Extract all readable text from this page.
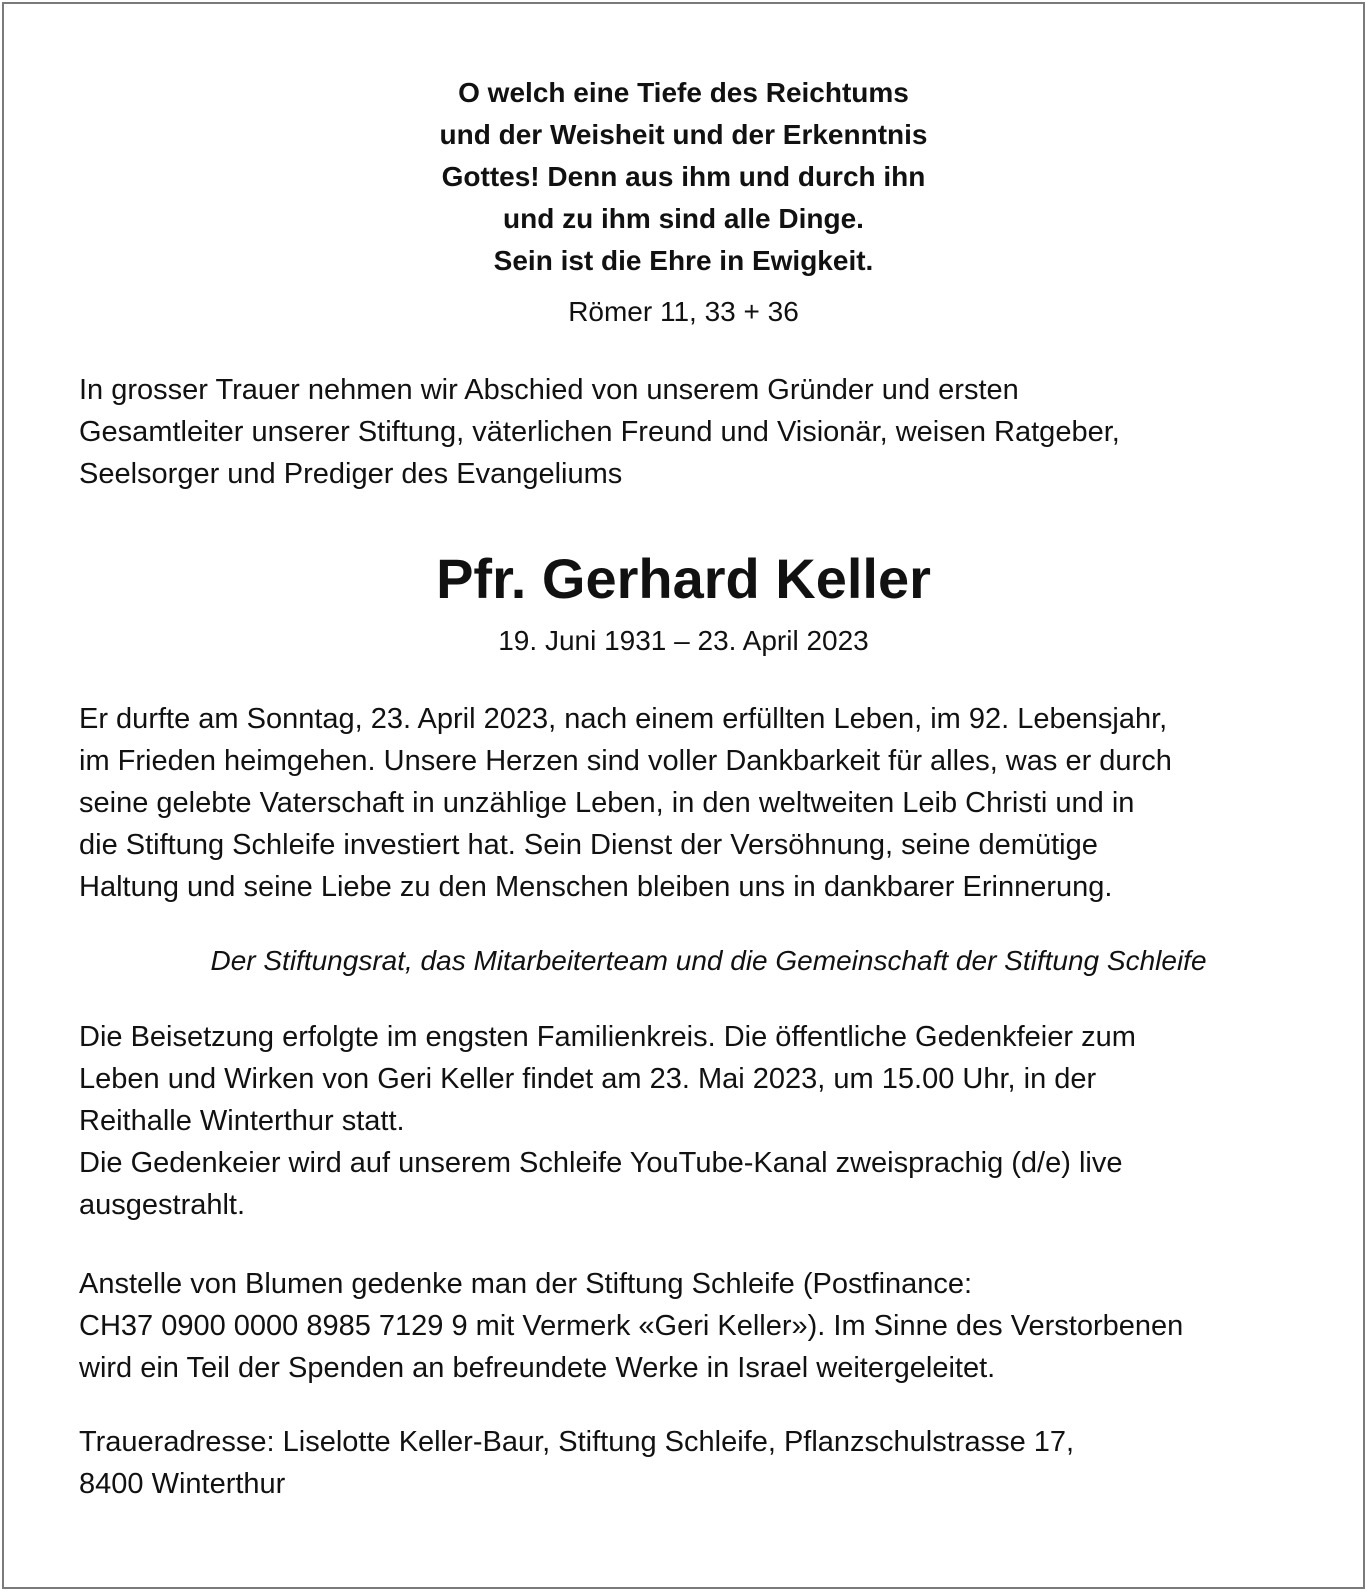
O welch eine Tiefe des Reichtums
und der Weisheit und der Erkenntnis
Gottes! Denn aus ihm und durch ihn
und zu ihm sind alle Dinge.
Sein ist die Ehre in Ewigkeit.
Römer 11, 33 + 36
In grosser Trauer nehmen wir Abschied von unserem Gründer und ersten
Gesamtleiter unserer Stiftung, väterlichen Freund und Visionär, weisen Ratgeber,
Seelsorger und Prediger des Evangeliums
Pfr. Gerhard Keller
19. Juni 1931 – 23. April 2023
Er durfte am Sonntag, 23. April 2023, nach einem erfüllten Leben, im 92. Lebensjahr,
im Frieden heimgehen. Unsere Herzen sind voller Dankbarkeit für alles, was er durch
seine gelebte Vaterschaft in unzählige Leben, in den weltweiten Leib Christi und in
die Stiftung Schleife investiert hat. Sein Dienst der Versöhnung, seine demütige
Haltung und seine Liebe zu den Menschen bleiben uns in dankbarer Erinnerung.
Der Stiftungsrat, das Mitarbeiterteam und die Gemeinschaft der Stiftung Schleife
Die Beisetzung erfolgte im engsten Familienkreis. Die öffentliche Gedenkfeier zum
Leben und Wirken von Geri Keller findet am 23. Mai 2023, um 15.00 Uhr, in der
Reithalle Winterthur statt.
Die Gedenkeier wird auf unserem Schleife YouTube-Kanal zweisprachig (d/e) live
ausgestrahlt.
Anstelle von Blumen gedenke man der Stiftung Schleife (Postfinance:
CH37 0900 0000 8985 7129 9 mit Vermerk «Geri Keller»). Im Sinne des Verstorbenen
wird ein Teil der Spenden an befreundete Werke in Israel weitergeleitet.
Traueradresse: Liselotte Keller-Baur, Stiftung Schleife, Pflanzschulstrasse 17,
8400 Winterthur
